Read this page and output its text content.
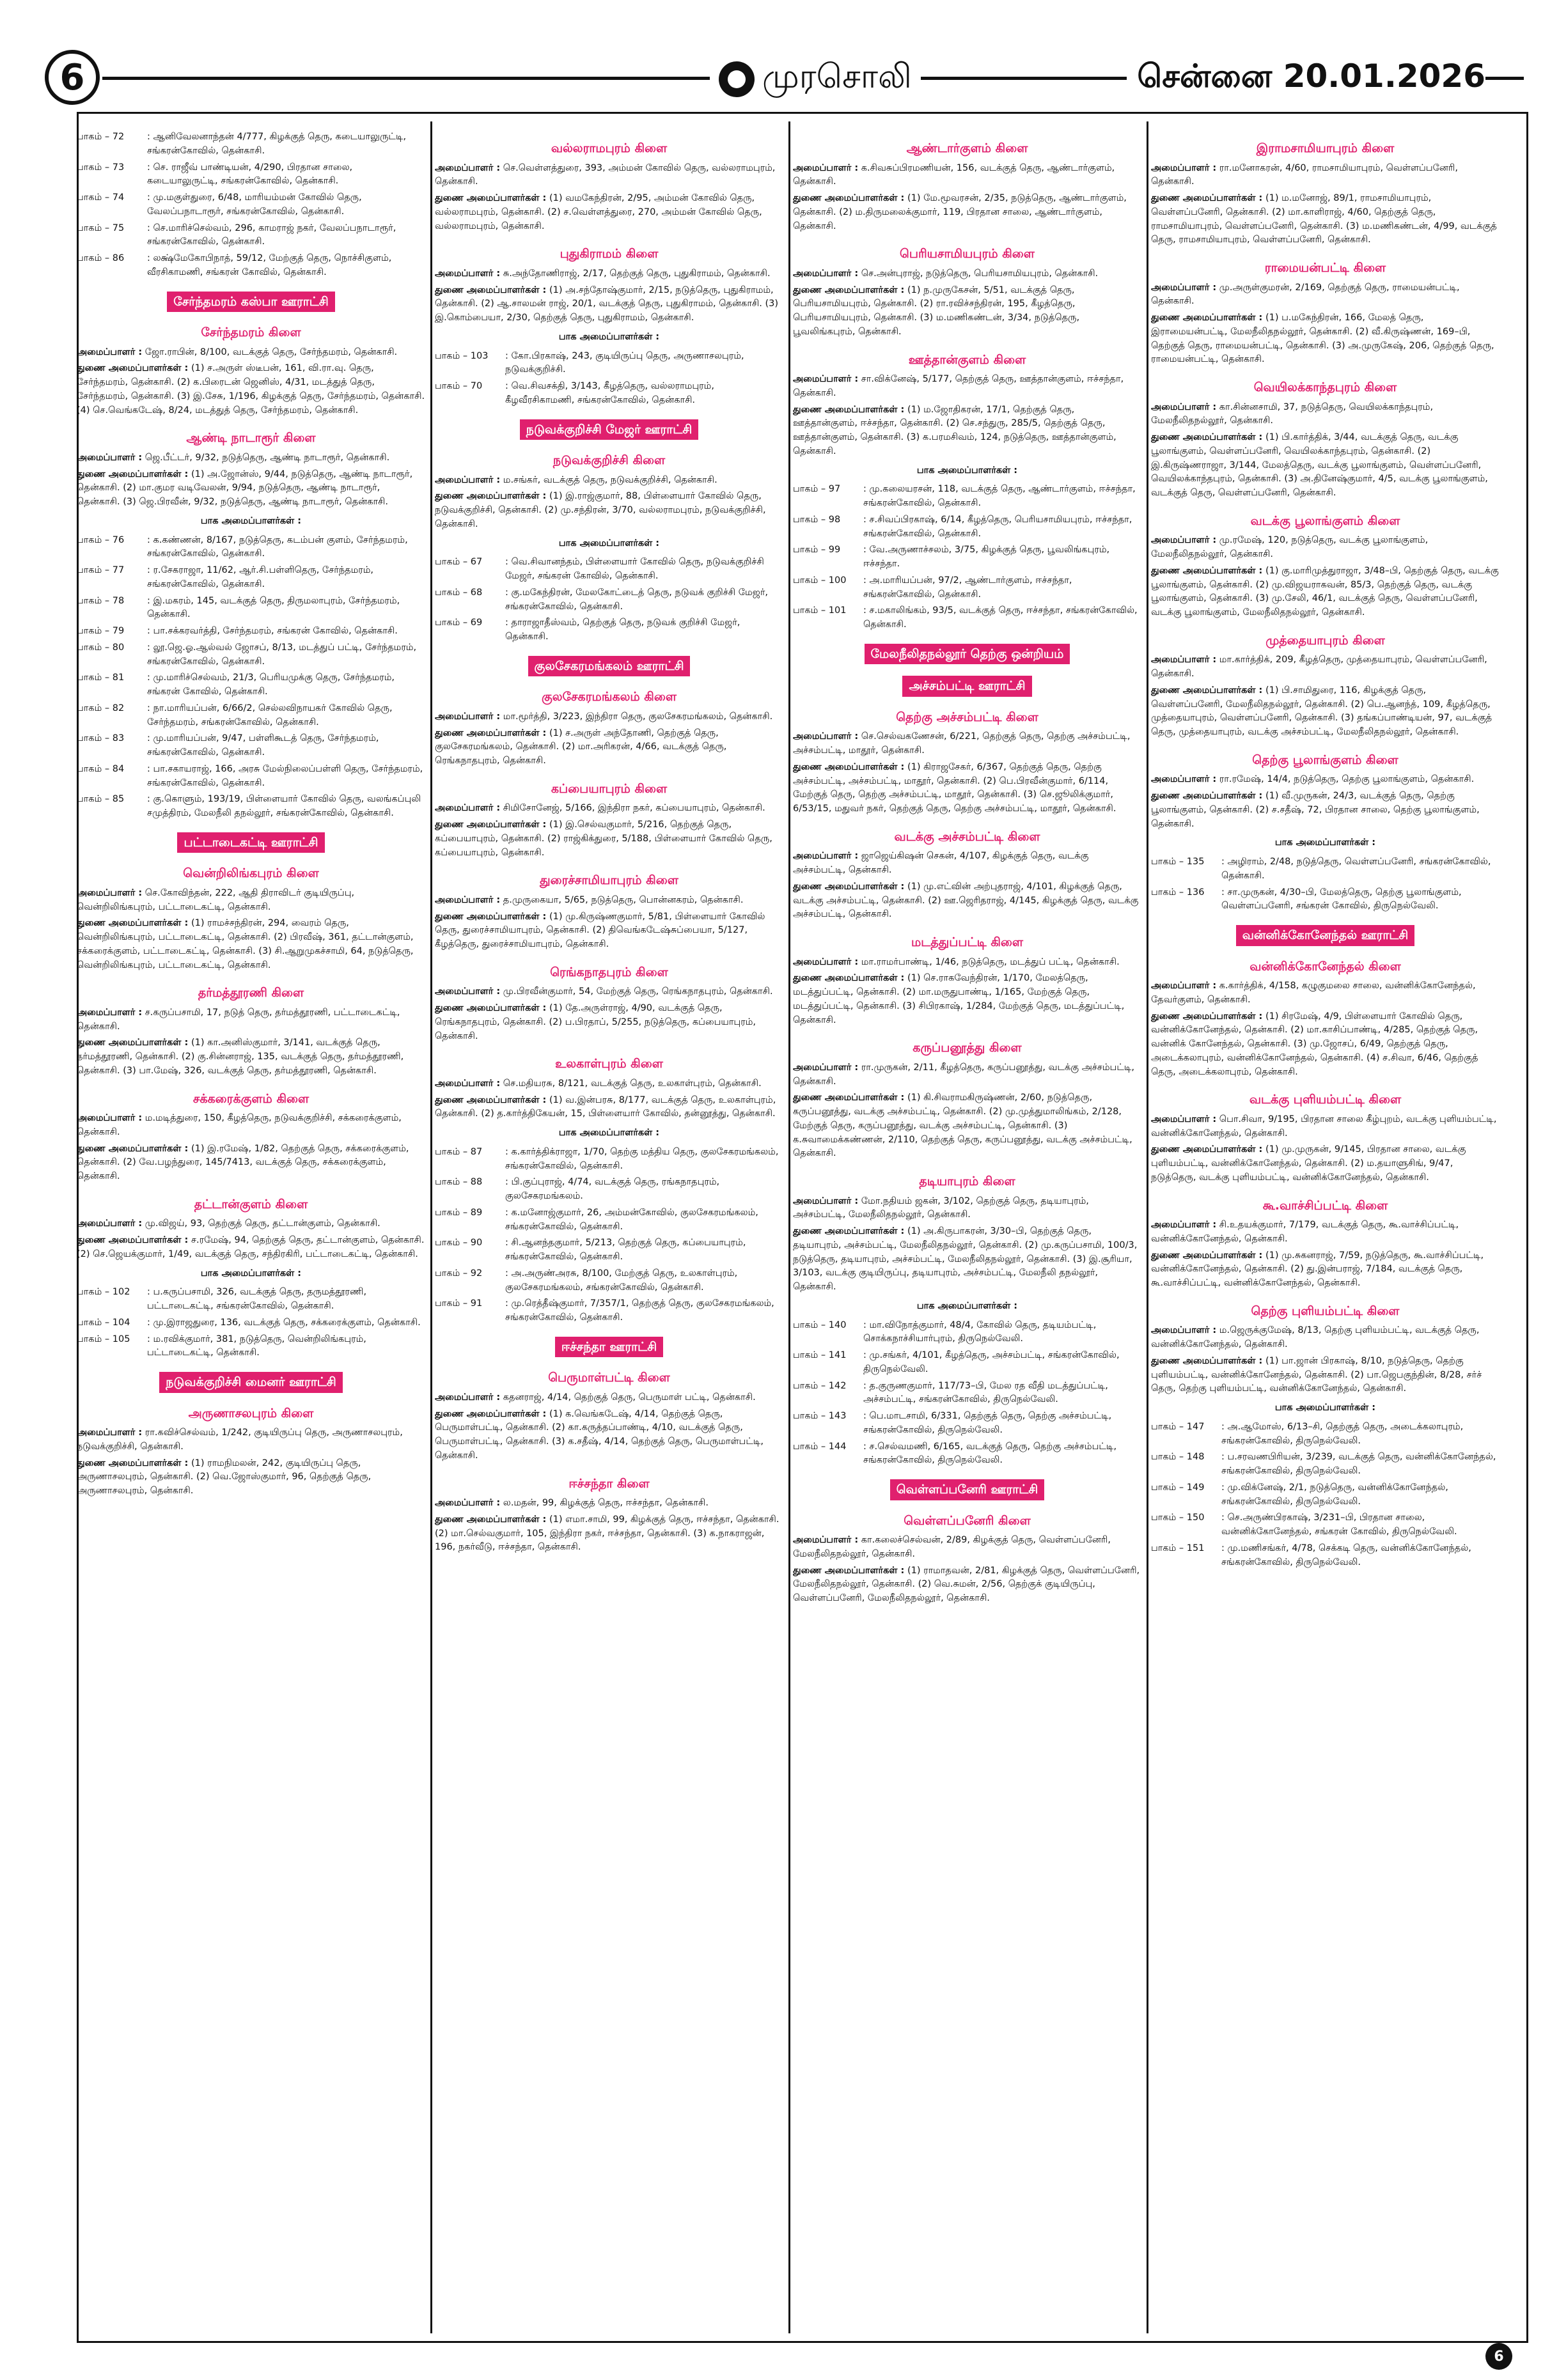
6	முரசொலி	சென்னை 20.01.2026
பாகம் – 72	: ஆனிவேலனாந்தன் 4/777, கிழக்குத் தெரு, கடையாலுருட்டி, சங்கரன்கோவில், தென்காசி.
பாகம் – 73	: செ. ராஜீவ் பாண்டியன், 4/290, பிரதான சாலை, கடையாலுருட்டி, சங்கரன்கோவில், தென்காசி.
பாகம் – 74	: மு.மகுள்துரை, 6/48, மாரியம்மன் கோவில் தெரு, வேலப்பநாடாரூர், சங்கரன்கோவில், தென்காசி.
பாகம் – 75	: செ.மாரிச்செல்வம், 296, காமராஜ் நகர், வேலப்பநாடாரூர், சங்கரன்கோவில், தென்காசி.
பாகம் – 86	: லக்ஷ்மேகோபிநாத், 59/12, மேற்குத் தெரு, நொச்சிகுளம், வீரசிகாமணி, சங்கரன் கோவில், தென்காசி.
சேர்ந்தமரம் கஸ்பா ஊராட்சி
சேர்ந்தமரம் கிளை
அமைப்பாளர் : ஜோ.ராபின், 8/100, வடக்குத் தெரு, சேர்ந்தமரம், தென்காசி.
துணை அமைப்பாளர்கள் : (1) ச.அருள் ஸ்டீபன், 161, வி.ரா.வு. தெரு, சேர்ந்தமரம், தென்காசி. (2) க.பிரைடன் ஜெனிஸ், 4/31, மடத்துத் தெரு, சேர்ந்தமரம், தென்காசி. (3) இ.சேசு, 1/196, கிழக்குத் தெரு, சேர்ந்தமரம், தென்காசி. (4) செ.வெங்கடேஷ், 8/24, மடத்துத் தெரு, சேர்ந்தமரம், தென்காசி.
ஆண்டி நாடாரூர் கிளை
அமைப்பாளர் : ஜெ.பீட்டர், 9/32, நடுத்தெரு, ஆண்டி நாடாரூர், தென்காசி.
துணை அமைப்பாளர்கள் : (1) அ.ஜோன்ஸ், 9/44, நடுத்தெரு, ஆண்டி நாடாரூர், தென்காசி. (2) மா.குமர வடிவேலன், 9/94, நடுத்தெரு, ஆண்டி நாடாரூர், தென்காசி. (3) ஜெ.பிரவீன், 9/32, நடுத்தெரு, ஆண்டி நாடாரூர், தென்காசி.
பாக அமைப்பாளர்கள் :
பாகம் – 76	: க.கண்ணன், 8/167, நடுத்தெரு, கடம்பன் குளம், சேர்ந்தமரம், சங்கரன்கோவில், தென்காசி.
பாகம் – 77	: ர.சேகராஜா, 11/62, ஆர்.சி.பள்ளிதெரு, சேர்ந்தமரம், சங்கரன்கோவில், தென்காசி.
பாகம் – 78	: இ.மகரம், 145, வடக்குத் தெரு, திருமலாபுரம், சேர்ந்தமரம், தென்காசி.
பாகம் – 79	: பா.சக்கரவர்த்தி, சேர்ந்தமரம், சங்கரன் கோவில், தென்காசி.
பாகம் – 80	: லூ.ஜெ.ஓ.ஆல்வல் ஜோசப், 8/13, மடத்துப் பட்டி, சேர்ந்தமரம், சங்கரன்கோவில், தென்காசி.
பாகம் – 81	: மு.மாரிச்செல்வம், 21/3, பெரியமுக்கு தெரு, சேர்ந்தமரம், சங்கரன் கோவில், தென்காசி.
பாகம் – 82	: நா.மாரியப்பன், 6/66/2, செல்லவிநாயகர் கோவில் தெரு, சேர்ந்தமரம், சங்கரன்கோவில், தென்காசி.
பாகம் – 83	: மு.மாரியப்பன், 9/47, பள்ளிகூடத் தெரு, சேர்ந்தமரம், சங்கரன்கோவில், தென்காசி.
பாகம் – 84	: பா.சகாயராஜ், 166, அரசு மேல்நிலைப்பள்ளி தெரு, சேர்ந்தமரம், சங்கரன்கோவில், தென்காசி.
பாகம் – 85	: கு.கொளும், 193/19, பிள்ளையார் கோவில் தெரு, வலங்கப்புலி சமுத்திரம், மேலநீலி தநல்லூர், சங்கரன்கோவில், தென்காசி.
பட்டாடைகட்டி ஊராட்சி
வென்றிலிங்கபுரம் கிளை
அமைப்பாளர் : செ.கோவிந்தன், 222, ஆதி திராவிடர் குடியிருப்பு, வென்றிலிங்கபுரம், பட்டாடைகட்டி, தென்காசி.
துணை அமைப்பாளர்கள் : (1) ராமச்சந்திரன், 294, வைரம் தெரு, வென்றிலிங்கபுரம், பட்டாடைகட்டி, தென்காசி. (2) பிரவீஷ், 361, தட்டான்குளம், சக்கரைக்குளம், பட்டாடைகட்டி, தென்காசி. (3) சி.ஆறுமுகச்சாமி, 64, நடுத்தெரு, வென்றிலிங்கபுரம், பட்டாடைகட்டி, தென்காசி.
தர்மத்தூரணி கிளை
அமைப்பாளர் : ச.கருப்பசாமி, 17, நடுத் தெரு, தர்மத்தூரணி, பட்டாடைகட்டி, தென்காசி.
துணை அமைப்பாளர்கள் : (1) கா.அனிஸ்குமார், 3/141, வடக்குத் தெரு, தர்மத்தூரணி, தென்காசி. (2) கு.சின்னராஜ், 135, வடக்குத் தெரு, தர்மத்தூரணி, தென்காசி. (3) பா.மேஷ், 326, வடக்குத் தெரு, தர்மத்தூரணி, தென்காசி.
சக்கரைக்குளம் கிளை
அமைப்பாளர் : ம.மடித்துரை, 150, கீழத்தெரு, நடுவக்குறிச்சி, சக்கரைக்குளம், தென்காசி.
துணை அமைப்பாளர்கள் : (1) இ.ரமேஷ், 1/82, தெற்குத் தெரு, சக்கரைக்குளம், தென்காசி. (2) வே.பழந்துரை, 145/7413, வடக்குத் தெரு, சக்கரைக்குளம், தென்காசி.
தட்டான்குளம் கிளை
அமைப்பாளர் : மு.விஜய், 93, தெற்குத் தெரு, தட்டான்குளம், தென்காசி.
துணை அமைப்பாளர்கள் : ச.ரமேஷ், 94, தெற்குத் தெரு, தட்டான்குளம், தென்காசி. (2) செ.ஜெயக்குமார், 1/49, வடக்குத் தெரு, சந்திரகிரி, பட்டாடைகட்டி, தென்காசி.
பாக அமைப்பாளர்கள் :
பாகம் – 102	: ப.கருப்பசாமி, 326, வடக்குத் தெரு, தருமத்தூரணி, பட்டாடைகட்டி, சங்கரன்கோவில், தென்காசி.
பாகம் – 104	: மு.இராஜதுரை, 136, வடக்குத் தெரு, சக்கரைக்குளம், தென்காசி.
பாகம் – 105	: ம.ரவிக்குமார், 381, நடுத்தெரு, வென்றிலிங்கபுரம், பட்டாடைகட்டி, தென்காசி.
நடுவக்குறிச்சி மைனர் ஊராட்சி
அருணாசலபுரம் கிளை
அமைப்பாளர் : ரா.கவிச்செல்வம், 1/242, குடியிருப்பு தெரு, அருணாசலபுரம், நடுவக்குறிச்சி, தென்காசி.
துணை அமைப்பாளர்கள் : (1) ராமநிமலன், 242, குடியிருப்பு தெரு, அருணாசலபுரம், தென்காசி. (2) வெ.ஜோஸ்குமார், 96, தெற்குத் தெரு, அருணாசலபுரம், தென்காசி.
வல்லராமபுரம் கிளை
அமைப்பாளர் : செ.வெள்ளத்துரை, 393, அம்மன் கோவில் தெரு, வல்லராமபுரம், தென்காசி.
துணை அமைப்பாளர்கள் : (1) வமகேந்திரன், 2/95, அம்மன் கோவில் தெரு, வல்லராமபுரம், தென்காசி. (2) ச.வெள்ளத்துரை, 270, அம்மன் கோவில் தெரு, வல்லராமபுரம், தென்காசி.
புதுகிராமம் கிளை
அமைப்பாளர் : சு.அந்தோணிராஜ், 2/17, தெற்குத் தெரு, புதுகிராமம், தென்காசி.
துணை அமைப்பாளர்கள் : (1) அ.சந்தோஷ்குமார், 2/15, நடுத்தெரு, புதுகிராமம், தென்காசி. (2) ஆ.சாலமன் ராஜ், 20/1, வடக்குத் தெரு, புதுகிராமம், தென்காசி. (3) இ.கொம்பையா, 2/30, தெற்குத் தெரு, புதுகிராமம், தென்காசி.
பாக அமைப்பாளர்கள் :
பாகம் – 103	: கோ.பிரகாஷ், 243, குடியிருப்பு தெரு, அருணாசலபுரம், நடுவக்குறிச்சி.
பாகம் – 70	: வெ.சிவசக்தி, 3/143, கீழத்தெரு, வல்லராமபுரம், கீழவீரசிகாமணி, சங்கரன்கோவில், தென்காசி.
நடுவக்குறிச்சி மேஜர் ஊராட்சி
நடுவக்குறிச்சி கிளை
அமைப்பாளர் : ம.சங்கர், வடக்குத் தெரு, நடுவக்குறிச்சி, தென்காசி.
துணை அமைப்பாளர்கள் : (1) இ.ராஜ்குமார், 88, பிள்ளையார் கோவில் தெரு, நடுவக்குறிச்சி, தென்காசி. (2) மு.சந்திரன், 3/70, வல்லராமபுரம், நடுவக்குறிச்சி, தென்காசி.
பாக அமைப்பாளர்கள் :
பாகம் – 67	: வெ.சிவானந்தம், பிள்ளையார் கோவில் தெரு, நடுவக்குறிச்சி மேஜர், சங்கரன் கோவில், தென்காசி.
பாகம் – 68	: கு.மகேந்திரன், மேலகோட்டைத் தெரு, நடுவக் குறிச்சி மேஜர், சங்கரன்கோவில், தென்காசி.
பாகம் – 69	: தாராஜாதீஸ்வம், தெற்குத் தெரு, நடுவக் குறிச்சி மேஜர், தென்காசி.
குலசேகரமங்கலம் ஊராட்சி
குலசேகரமங்கலம் கிளை
அமைப்பாளர் : மா.மூர்த்தி, 3/223, இந்திரா தெரு, குலசேகரமங்கலம், தென்காசி.
துணை அமைப்பாளர்கள் : (1) ச.அருள் அந்தோணி, தெற்குத் தெரு, குலசேகரமங்கலம், தென்காசி. (2) மா.அரிகரன், 4/66, வடக்குத் தெரு, ரெங்கநாதபுரம், தென்காசி.
கப்பையாபுரம் கிளை
அமைப்பாளர் : சிமிசோனேஜ், 5/166, இந்திரா நகர், கப்பையாபுரம், தென்காசி.
துணை அமைப்பாளர்கள் : (1) இ.செல்வகுமார், 5/216, தெற்குத் தெரு, கப்பையாபுரம், தென்காசி. (2) ராஜ்கிக்துரை, 5/188, பிள்ளையார் கோவில் தெரு, கப்பையாபுரம், தென்காசி.
துரைச்சாமியாபுரம் கிளை
அமைப்பாளர் : த.முருகையா, 5/65, நடுத்தெரு, பொன்னகரம், தென்காசி.
துணை அமைப்பாளர்கள் : (1) மு.கிருஷ்ணகுமார், 5/81, பிள்ளையார் கோவில் தெரு, துரைச்சாமியாபுரம், தென்காசி. (2) திவெங்கடேஷ்சுப்பையா, 5/127, கீழத்தெரு, துரைச்சாமியாபுரம், தென்காசி.
ரெங்கநாதபுரம் கிளை
அமைப்பாளர் : மு.பிரவீன்குமார், 54, மேற்குத் தெரு, ரெங்கநாதபுரம், தென்காசி.
துணை அமைப்பாளர்கள் : (1) தே.அருள்ராஜ், 4/90, வடக்குத் தெரு, ரெங்கநாதபுரம், தென்காசி. (2) ப.பிரதாப், 5/255, நடுத்தெரு, கப்பையாபுரம், தென்காசி.
உலகாள்புரம் கிளை
அமைப்பாளர் : செ.மதியரசு, 8/121, வடக்குத் தெரு, உலகாள்புரம், தென்காசி.
துணை அமைப்பாளர்கள் : (1) வ.இன்பரசு, 8/177, வடக்குத் தெரு, உலகாள்புரம், தென்காசி. (2) த.கார்த்திகேயன், 15, பிள்ளையார் கோவில், தன்னூத்து, தென்காசி.
பாக அமைப்பாளர்கள் :
பாகம் – 87	: க.கார்த்திக்ராஜா, 1/70, தெற்கு மத்திய தெரு, குலசேகரமங்கலம், சங்கரன்கோவில், தென்காசி.
பாகம் – 88	: பி.குப்புராஜ், 4/74, வடக்குத் தெரு, ரங்கநாதபுரம், குலசேகரமங்கலம்.
பாகம் – 89	: க.மனோஜ்குமார், 26, அம்மன்கோவில், குலசேகரமங்கலம், சங்கரன்கோவில், தென்காசி.
பாகம் – 90	: சி.ஆனந்தகுமார், 5/213, தெற்குத் தெரு, கப்பையாபுரம், சங்கரன்கோவில், தென்காசி.
பாகம் – 92	: அ.அருண்அரசு, 8/100, மேற்குத் தெரு, உலகாள்புரம், குலசேகரமங்கலம், சங்கரன்கோவில், தென்காசி.
பாகம் – 91	: மு.ரெத்தீஷ்குமார், 7/357/1, தெற்குத் தெரு, குலசேகரமங்கலம், சங்கரன்கோவில், தென்காசி.
ஈச்சந்தா ஊராட்சி
பெருமாள்பட்டி கிளை
அமைப்பாளர் : கதனராஜ், 4/14, தெற்குத் தெரு, பெருமாள் பட்டி, தென்காசி.
துணை அமைப்பாளர்கள் : (1) க.வெங்கடேஷ், 4/14, தெற்குத் தெரு, பெருமாள்பட்டி, தென்காசி. (2) கா.கருத்தப்பாண்டி, 4/10, வடக்குத் தெரு, பெருமாள்பட்டி, தென்காசி. (3) க.சதீஷ், 4/14, தெற்குத் தெரு, பெருமாள்பட்டி, தென்காசி.
ஈச்சந்தா கிளை
அமைப்பாளர் : ல.மதன், 99, கிழக்குத் தெரு, ஈச்சந்தா, தென்காசி.
துணை அமைப்பாளர்கள் : (1) எமா.சாமி, 99, கிழக்குத் தெரு, ஈச்சந்தா, தென்காசி. (2) மா.செல்வகுமார், 105, இந்திரா நகர், ஈச்சந்தா, தென்காசி. (3) க.நாகராஜன், 196, நகர்வீடு, ஈச்சந்தா, தென்காசி.
ஆண்டார்குளம் கிளை
அமைப்பாளர் : க.சிவசுப்பிரமணியன், 156, வடக்குத் தெரு, ஆண்டார்குளம், தென்காசி.
துணை அமைப்பாளர்கள் : (1) மே.மூவரசன், 2/35, நடுத்தெரு, ஆண்டார்குளம், தென்காசி. (2) ம.திருமலைக்குமார், 119, பிரதான சாலை, ஆண்டார்குளம், தென்காசி.
பெரியசாமியபுரம் கிளை
அமைப்பாளர் : செ.அன்புராஜ், நடுத்தெரு, பெரியசாமியபுரம், தென்காசி.
துணை அமைப்பாளர்கள் : (1) ந.முருகேசன், 5/51, வடக்குத் தெரு, பெரியசாமியபுரம், தென்காசி. (2) ரா.ரவிச்சந்திரன், 195, கீழத்தெரு, பெரியசாமியபுரம், தென்காசி. (3) ம.மணிகண்டன், 3/34, நடுத்தெரு, பூவலிங்கபுரம், தென்காசி.
ஊத்தான்குளம் கிளை
அமைப்பாளர் : சா.விக்னேஷ், 5/177, தெற்குத் தெரு, ஊத்தான்குளம், ஈச்சந்தா, தென்காசி.
துணை அமைப்பாளர்கள் : (1) ம.ஜோதிகரன், 17/1, தெற்குத் தெரு, ஊத்தான்குளம், ஈச்சந்தா, தென்காசி. (2) செ.சந்துரு, 285/5, தெற்குத் தெரு, ஊத்தான்குளம், தென்காசி. (3) க.பரமசிவம், 124, நடுத்தெரு, ஊத்தான்குளம், தென்காசி.
பாக அமைப்பாளர்கள் :
பாகம் – 97	: மு.கலையரசன், 118, வடக்குத் தெரு, ஆண்டார்குளம், ஈச்சந்தா, சங்கரன்கோவில், தென்காசி.
பாகம் – 98	: ச.சிவப்பிரகாஷ், 6/14, கீழத்தெரு, பெரியசாமியபுரம், ஈச்சந்தா, சங்கரன்கோவில், தென்காசி.
பாகம் – 99	: வே.அருணாச்சலம், 3/75, கிழக்குத் தெரு, பூவலிங்கபுரம், ஈச்சந்தா.
பாகம் – 100	: அ.மாரியப்பன், 97/2, ஆண்டார்குளம், ஈச்சந்தா, சங்கரன்கோவில், தென்காசி.
பாகம் – 101	: ச.மகாலிங்கம், 93/5, வடக்குத் தெரு, ஈச்சந்தா, சங்கரன்கோவில், தென்காசி.
மேலநீலிதநல்லூர் தெற்கு ஒன்றியம்
அச்சம்பட்டி ஊராட்சி
தெற்கு அச்சம்பட்டி கிளை
அமைப்பாளர் : செ.செல்வகணேசன், 6/221, தெற்குத் தெரு, தெற்கு அச்சம்பட்டி, அச்சம்பட்டி, மாதூர், தென்காசி.
துணை அமைப்பாளர்கள் : (1) கிராஜசேகர், 6/367, தெற்குத் தெரு, தெற்கு அச்சம்பட்டி, அச்சம்பட்டி, மாதூர், தென்காசி. (2) பெ.பிரவீன்குமார், 6/114, மேற்குத் தெரு, தெற்கு அச்சம்பட்டி, மாதூர், தென்காசி. (3) செ.ஜூலிக்குமார், 6/53/15, மதுவர் நகர், தெற்குத் தெரு, தெற்கு அச்சம்பட்டி, மாதூர், தென்காசி.
வடக்கு அச்சம்பட்டி கிளை
அமைப்பாளர் : ஜாஜெய்கிஷன் செகன், 4/107, கிழக்குத் தெரு, வடக்கு அச்சம்பட்டி, தென்காசி.
துணை அமைப்பாளர்கள் : (1) மு.எட்வின் அற்புதராஜ், 4/101, கிழக்குத் தெரு, வடக்கு அச்சம்பட்டி, தென்காசி. (2) ஊ.ஜெரிதராஜ், 4/145, கிழக்குத் தெரு, வடக்கு அச்சம்பட்டி, தென்காசி.
மடத்துப்பட்டி கிளை
அமைப்பாளர் : மா.ராமர்பாண்டி, 1/46, நடுத்தெரு, மடத்துப் பட்டி, தென்காசி.
துணை அமைப்பாளர்கள் : (1) செ.ராகவேந்திரன், 1/170, மேலத்தெரு, மடத்துப்பட்டி, தென்காசி. (2) மா.மருதுபாண்டி, 1/165, மேற்குத் தெரு, மடத்துப்பட்டி, தென்காசி. (3) சிபிரகாஷ், 1/284, மேற்குத் தெரு, மடத்துப்பட்டி, தென்காசி.
கருப்பனூத்து கிளை
அமைப்பாளர் : ரா.முருகன், 2/11, கீழத்தெரு, கருப்பனூத்து, வடக்கு அச்சம்பட்டி, தென்காசி.
துணை அமைப்பாளர்கள் : (1) கி.சிவராமகிருஷ்ணன், 2/60, நடுத்தெரு, கருப்பனூத்து, வடக்கு அச்சம்பட்டி, தென்காசி. (2) மு.முத்துமாலிங்கம், 2/128, மேற்குத் தெரு, கருப்பனூத்து, வடக்கு அச்சம்பட்டி, தென்காசி. (3) க.சுவாமைக்கண்ணன், 2/110, தெற்குத் தெரு, கருப்பனூத்து, வடக்கு அச்சம்பட்டி, தென்காசி.
தடியாபுரம் கிளை
அமைப்பாளர் : மோ.நதியம் ஜகன், 3/102, தெற்குத் தெரு, தடியாபுரம், அச்சம்பட்டி, மேலநீலிதநல்லூர், தென்காசி.
துணை அமைப்பாளர்கள் : (1) அ.கிருபாகரன், 3/30–பி, தெற்குத் தெரு, தடியாபுரம், அச்சம்பட்டி, மேலநீலிதநல்லூர், தென்காசி. (2) மு.கருப்பசாமி, 100/3, நடுத்தெரு, தடியாபுரம், அச்சம்பட்டி, மேலநீலிதநல்லூர், தென்காசி. (3) இ.சூரியா, 3/103, வடக்கு குடியிருப்பு, தடியாபுரம், அச்சம்பட்டி, மேலநீலி தநல்லூர், தென்காசி.
பாக அமைப்பாளர்கள் :
பாகம் – 140	: மா.விநோத்குமார், 48/4, கோவில் தெரு, தடியம்பட்டி, சொக்கநாச்சியார்புரம், திருநெல்வேலி.
பாகம் – 141	: மு.சங்கர், 4/101, கீழத்தெரு, அச்சம்பட்டி, சங்கரன்கோவில், திருநெல்வேலி.
பாகம் – 142	: த.குருணகுமார், 117/73–பி, மேல ரத வீதி மடத்துப்பட்டி, அச்சம்பட்டி, சங்கரன்கோவில், திருநெல்வேலி.
பாகம் – 143	: பெ.மாடசாமி, 6/331, தெற்குத் தெரு, தெற்கு அச்சம்பட்டி, சங்கரன்கோவில், திருநெல்வேலி.
பாகம் – 144	: ச.செல்வமணி, 6/165, வடக்குத் தெரு, தெற்கு அச்சம்பட்டி, சங்கரன்கோவில், திருநெல்வேலி.
வெள்ளப்பனேரி ஊராட்சி
வெள்ளப்பனேரி கிளை
அமைப்பாளர் : கா.கலைச்செல்வன், 2/89, கிழக்குத் தெரு, வெள்ளப்பனேரி, மேலநீலிதநல்லூர், தென்காசி.
துணை அமைப்பாளர்கள் : (1) ராமாதவன், 2/81, கிழக்குத் தெரு, வெள்ளப்பனேரி, மேலநீலிதநல்லூர், தென்காசி. (2) வெ.சுமன், 2/56, தெற்குக் குடியிருப்பு, வெள்ளப்பனேரி, மேலநீலிதநல்லூர், தென்காசி.
இராமசாமியாபுரம் கிளை
அமைப்பாளர் : ரா.மனோகரன், 4/60, ராமசாமியாபுரம், வெள்ளப்பனேரி, தென்காசி.
துணை அமைப்பாளர்கள் : (1) ம.மனோஜ், 89/1, ராமசாமியாபுரம், வெள்ளப்பனேரி, தென்காசி. (2) மா.காளிராஜ், 4/60, தெற்குத் தெரு, ராமசாமியாபுரம், வெள்ளப்பனேரி, தென்காசி. (3) ம.மணிகண்டன், 4/99, வடக்குத் தெரு, ராமசாமியாபுரம், வெள்ளப்பனேரி, தென்காசி.
ராமையன்பட்டி கிளை
அமைப்பாளர் : மு.அருள்குமரன், 2/169, தெற்குத் தெரு, ராமையன்பட்டி, தென்காசி.
துணை அமைப்பாளர்கள் : (1) ப.மகேந்திரன், 166, மேலத் தெரு, இராமையன்பட்டி, மேலநீலிதநல்லூர், தென்காசி. (2) வீ.கிருஷ்ணன், 169–பி, தெற்குத் தெரு, ராமையன்பட்டி, தென்காசி. (3) அ.முருகேஷ், 206, தெற்குத் தெரு, ராமையன்பட்டி, தென்காசி.
வெயிலக்காந்தபுரம் கிளை
அமைப்பாளர் : கா.சின்னசாமி, 37, நடுத்தெரு, வெயிலக்காந்தபுரம், மேலநீலிதநல்லூர், தென்காசி.
துணை அமைப்பாளர்கள் : (1) பி.கார்த்திக், 3/44, வடக்குத் தெரு, வடக்கு பூலாங்குளம், வெள்ளப்பனேரி, வெயிலக்காந்தபுரம், தென்காசி. (2) இ.கிருஷ்ணராஜா, 3/144, மேலத்தெரு, வடக்கு பூலாங்குளம், வெள்ளப்பனேரி, வெயிலக்காந்தபுரம், தென்காசி. (3) அ.தினேஷ்குமார், 4/5, வடக்கு பூலாங்குளம், வடக்குத் தெரு, வெள்ளப்பனேரி, தென்காசி.
வடக்கு பூலாங்குளம் கிளை
அமைப்பாளர் : மு.ரமேஷ், 120, நடுத்தெரு, வடக்கு பூலாங்குளம், மேலநீலிதநல்லூர், தென்காசி.
துணை அமைப்பாளர்கள் : (1) கு.மாரிமுத்துராஜா, 3/48–பி, தெற்குத் தெரு, வடக்கு பூலாங்குளம், தென்காசி. (2) மு.விஜயராகவன், 85/3, தெற்குத் தெரு, வடக்கு பூலாங்குளம், தென்காசி. (3) மு.சேலி, 46/1, வடக்குத் தெரு, வெள்ளப்பனேரி, வடக்கு பூலாங்குளம், மேலநீலிதநல்லூர், தென்காசி.
முத்தையாபுரம் கிளை
அமைப்பாளர் : மா.கார்த்திக், 209, கீழத்தெரு, முத்தையாபுரம், வெள்ளப்பனேரி, தென்காசி.
துணை அமைப்பாளர்கள் : (1) பி.சாமிதுரை, 116, கிழக்குத் தெரு, வெள்ளப்பனேரி, மேலநீலிதநல்லூர், தென்காசி. (2) பெ.ஆனந்த், 109, கீழத்தெரு, முத்தையாபுரம், வெள்ளப்பனேரி, தென்காசி. (3) தங்கப்பாண்டியன், 97, வடக்குத் தெரு, முத்தையாபுரம், வடக்கு அச்சம்பட்டி, மேலநீலிதநல்லூர், தென்காசி.
தெற்கு பூலாங்குளம் கிளை
அமைப்பாளர் : ரா.ரமேஷ், 14/4, நடுத்தெரு, தெற்கு பூலாங்குளம், தென்காசி.
துணை அமைப்பாளர்கள் : (1) வீ.முருகன், 24/3, வடக்குத் தெரு, தெற்கு பூலாங்குளம், தென்காசி. (2) ச.சதீஷ், 72, பிரதான சாலை, தெற்கு பூலாங்குளம், தென்காசி.
பாக அமைப்பாளர்கள் :
பாகம் – 135	: அழிராம், 2/48, நடுத்தெரு, வெள்ளப்பனேரி, சங்கரன்கோவில், தென்காசி.
பாகம் – 136	: சா.முருகன், 4/30–பி, மேலத்தெரு, தெற்கு பூலாங்குளம், வெள்ளப்பனேரி, சங்கரன் கோவில், திருநெல்வேலி.
வன்னிக்கோனேந்தல் ஊராட்சி
வன்னிக்கோனேந்தல் கிளை
அமைப்பாளர் : க.கார்த்திக், 4/158, கழுகுமலை சாலை, வன்னிக்கோனேந்தல், தேவர்குளம், தென்காசி.
துணை அமைப்பாளர்கள் : (1) சிரமேஷ், 4/9, பிள்ளையார் கோவில் தெரு, வன்னிக்கோனேந்தல், தென்காசி. (2) மா.காசிப்பாண்டி, 4/285, தெற்குத் தெரு, வன்னிக் கோனேந்தல், தென்காசி. (3) மு.ஜோசப், 6/49, தெற்குத் தெரு, அடைக்கலாபுரம், வன்னிக்கோனேந்தல், தென்காசி. (4) ச.சிவா, 6/46, தெற்குத் தெரு, அடைக்கலாபுரம், தென்காசி.
வடக்கு புளியம்பட்டி கிளை
அமைப்பாளர் : பொ.சிவா, 9/195, பிரதான சாலை கீழ்புறம், வடக்கு புளியம்பட்டி, வன்னிக்கோனேந்தல், தென்காசி.
துணை அமைப்பாளர்கள் : (1) மு.முருகன், 9/145, பிரதான சாலை, வடக்கு புளியம்பட்டி, வன்னிக்கோனேந்தல், தென்காசி. (2) ம.தயாளுசிங், 9/47, நடுத்தெரு, வடக்கு புளியம்பட்டி, வன்னிக்கோனேந்தல், தென்காசி.
கூ.வாச்சிப்பட்டி கிளை
அமைப்பாளர் : சி.உதயக்குமார், 7/179, வடக்குத் தெரு, கூ.வாச்சிப்பட்டி, வன்னிக்கோனேந்தல், தென்காசி.
துணை அமைப்பாளர்கள் : (1) மு.சுகனராஜ், 7/59, நடுத்தெரு, கூ.வாச்சிப்பட்டி, வன்னிக்கோனேந்தல், தென்காசி. (2) து.இன்பராஜ், 7/184, வடக்குத் தெரு, கூ.வாச்சிப்பட்டி, வன்னிக்கோனேந்தல், தென்காசி.
தெற்கு புளியம்பட்டி கிளை
அமைப்பாளர் : ம.ஜெருக்குமேஷ், 8/13, தெற்கு புளியம்பட்டி, வடக்குத் தெரு, வன்னிக்கோனேந்தல், தென்காசி.
துணை அமைப்பாளர்கள் : (1) பா.ஜான் பிரகாஷ், 8/10, நடுத்தெரு, தெற்கு புளியம்பட்டி, வன்னிக்கோனேந்தல், தென்காசி. (2) பா.ஜெபகுந்தின், 8/28, சர்ச் தெரு, தெற்கு புளியம்பட்டி, வன்னிக்கோனேந்தல், தென்காசி.
பாக அமைப்பாளர்கள் :
பாகம் – 147	: அ.ஆமோஸ், 6/13–சி, தெற்குத் தெரு, அடைக்கலாபுரம், சங்கரன்கோவில், திருநெல்வேலி.
பாகம் – 148	: ப.சரவணபிரியன், 3/239, வடக்குத் தெரு, வன்னிக்கோனேந்தல், சங்கரன்கோவில், திருநெல்வேலி.
பாகம் – 149	: மு.விக்னேஷ், 2/1, நடுத்தெரு, வன்னிக்கோனேந்தல், சங்கரன்கோவில், திருநெல்வேலி.
பாகம் – 150	: செ.அருண்பிரகாஷ், 3/231–பி, பிரதான சாலை, வன்னிக்கோனேந்தல், சங்கரன் கோவில், திருநெல்வேலி.
பாகம் – 151	: மு.மணிசங்கர், 4/78, செக்கடி தெரு, வன்னிக்கோனேந்தல், சங்கரன்கோவில், திருநெல்வேலி.
6
